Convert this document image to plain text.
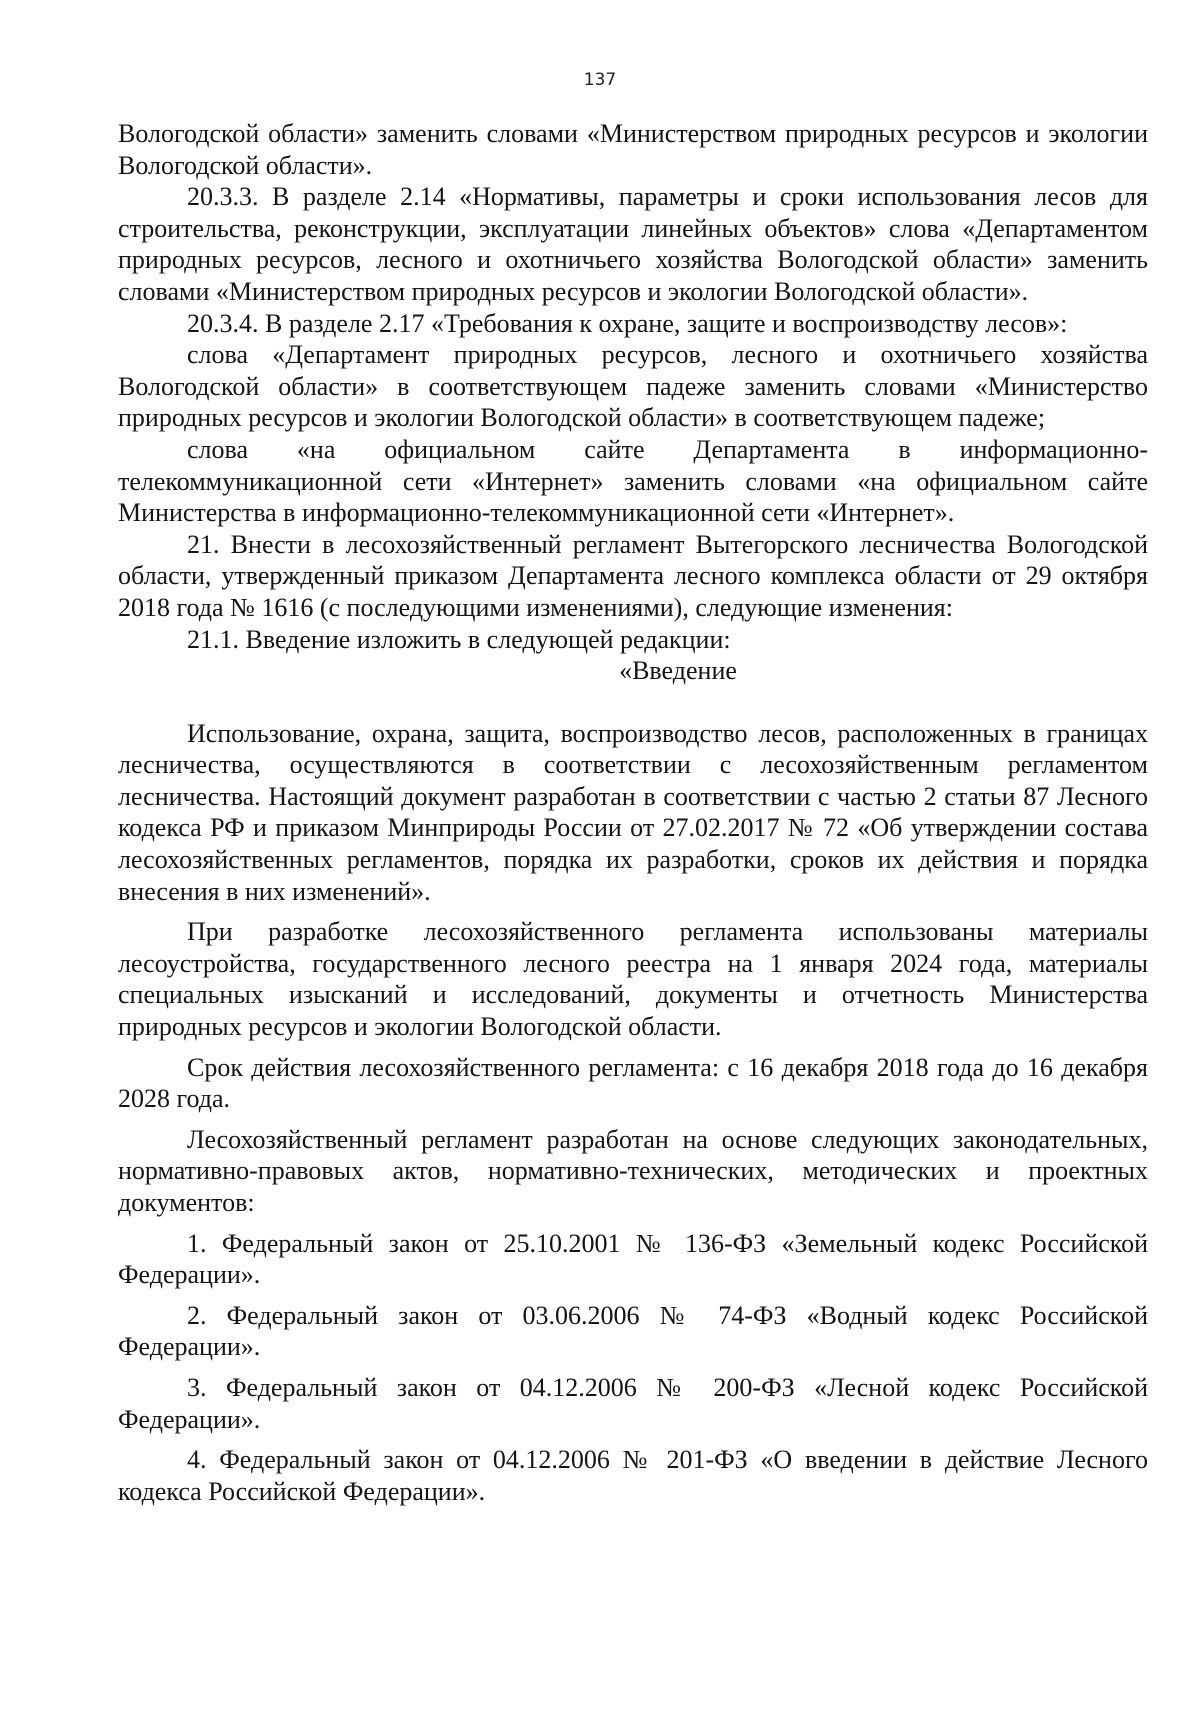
137

Вологодской области» заменить словами «Министерством природных ресурсов и экологии Вологодской области».

20.3.3. В разделе 2.14 «Нормативы, параметры и сроки использования лесов для строительства, реконструкции, эксплуатации линейных объектов» слова «Департаментом природных ресурсов, лесного и охотничьего хозяйства Вологодской области» заменить словами «Министерством природных ресурсов и экологии Вологодской области».

20.3.4. В разделе 2.17 «Требования к охране, защите и воспроизводству лесов»:

слова «Департамент природных ресурсов, лесного и охотничьего хозяйства Вологодской области» в соответствующем падеже заменить словами «Министерство природных ресурсов и экологии Вологодской области» в соответствующем падеже;

слова «на официальном сайте Департамента в информационно-телекоммуникационной сети «Интернет» заменить словами «на официальном сайте Министерства в информационно-телекоммуникационной сети «Интернет».

21. Внести в лесохозяйственный регламент Вытегорского лесничества Вологодской области, утвержденный приказом Департамента лесного комплекса области от 29 октября 2018 года № 1616 (с последующими изменениями), следующие изменения:

21.1. Введение изложить в следующей редакции:

«Введение

Использование, охрана, защита, воспроизводство лесов, расположенных в границах лесничества, осуществляются в соответствии с лесохозяйственным регламентом лесничества. Настоящий документ разработан в соответствии с частью 2 статьи 87 Лесного кодекса РФ и приказом Минприроды России от 27.02.2017 № 72 «Об утверждении состава лесохозяйственных регламентов, порядка их разработки, сроков их действия и порядка внесения в них изменений».

При разработке лесохозяйственного регламента использованы материалы лесоустройства, государственного лесного реестра на 1 января 2024 года, материалы специальных изысканий и исследований, документы и отчетность Министерства природных ресурсов и экологии Вологодской области.

Срок действия лесохозяйственного регламента: с 16 декабря 2018 года до 16 декабря 2028 года.

Лесохозяйственный регламент разработан на основе следующих законодательных, нормативно-правовых актов, нормативно-технических, методических и проектных документов:

1. Федеральный закон от 25.10.2001 № 136-ФЗ «Земельный кодекс Российской Федерации».

2. Федеральный закон от 03.06.2006 № 74-ФЗ «Водный кодекс Российской Федерации».

3. Федеральный закон от 04.12.2006 № 200-ФЗ «Лесной кодекс Российской Федерации».

4. Федеральный закон от 04.12.2006 № 201-ФЗ «О введении в действие Лесного кодекса Российской Федерации».
